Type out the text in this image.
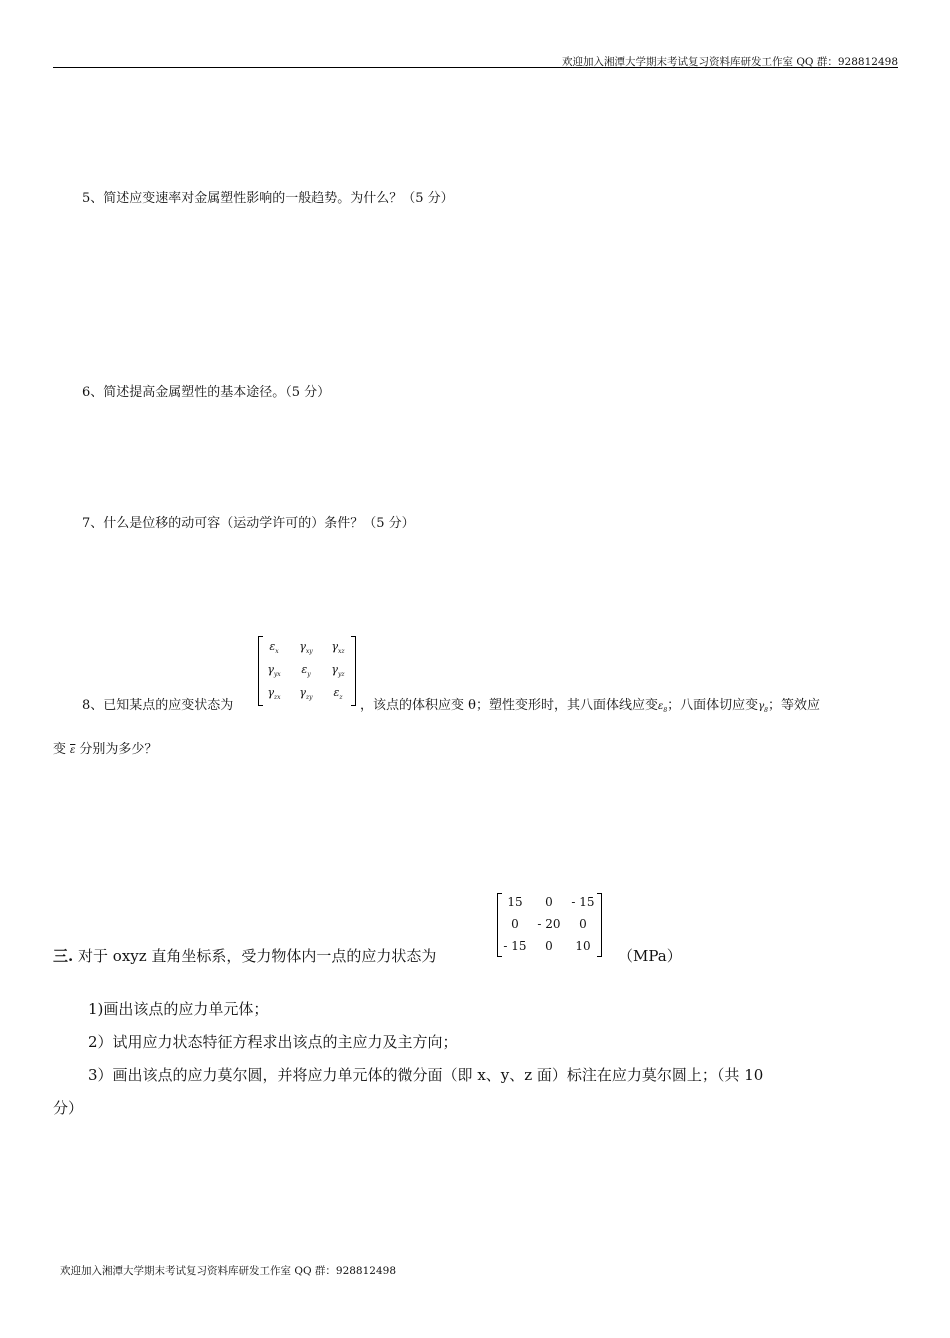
欢迎加入湘潭大学期末考试复习资料库研发工作室 QQ 群：928812498
5、简述应变速率对金属塑性影响的一般趋势。为什么？（5 分）
6、简述提高金属塑性的基本途径。（5 分）
7、什么是位移的动可容（运动学许可的）条件？（5 分）
8、已知某点的应变状态为
$\varepsilon_x$	$\gamma_{xy}$	$\gamma_{xz}$
$\gamma_{yx}$	$\varepsilon_y$	$\gamma_{yz}$
$\gamma_{zx}$	$\gamma_{zy}$	$\varepsilon_z$
，该点的体积应变 θ；塑性变形时，其八面体线应变$\varepsilon_8$；八面体切应变$\gamma_8$；等效应
变 $\overline{\varepsilon}$ 分别为多少？
三. 对于 oxyz 直角坐标系，受力物体内一点的应力状态为
15	0	- 15
0	- 20	0
- 15	0	10
（MPa）
1)画出该点的应力单元体；
2）试用应力状态特征方程求出该点的主应力及主方向；
3）画出该点的应力莫尔圆，并将应力单元体的微分面（即 x、y、z 面）标注在应力莫尔圆上；（共 10
分）
欢迎加入湘潭大学期末考试复习资料库研发工作室 QQ 群：928812498
